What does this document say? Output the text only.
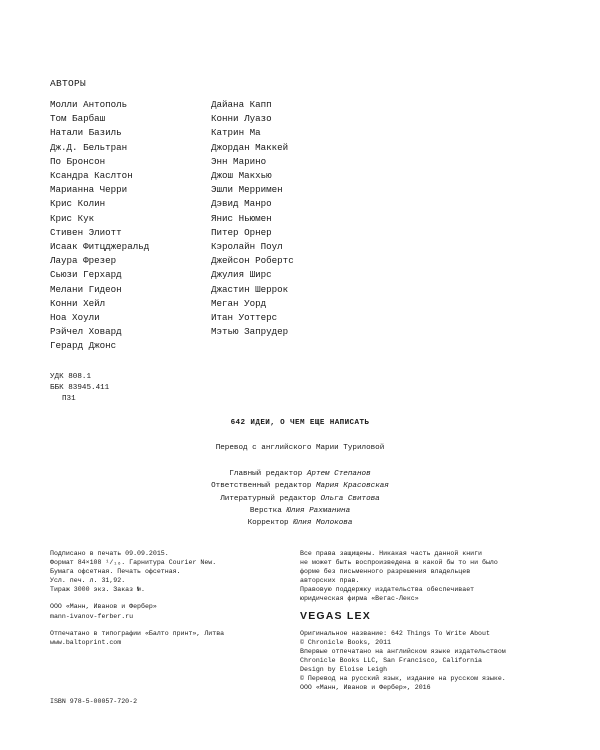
АВТОРЫ
Молли Антополь
Том Барбаш
Натали Базиль
Дж.Д. Бельтран
По Бронсон
Ксандра Каслтон
Марианна Черри
Крис Колин
Крис Кук
Стивен Элиотт
Исаак Фитцджеральд
Лаура Фрезер
Сьюзи Герхард
Мелани Гидеон
Конни Хейл
Ноа Хоули
Рэйчел Ховард
Герард Джонс
Дайана Капп
Конни Луазо
Катрин Ма
Джордан Маккей
Энн Марино
Джош Макхью
Эшли Мерримен
Дэвид Манро
Янис Ньюмен
Питер Орнер
Кэролайн Поул
Джейсон Робертс
Джулия Ширс
Джастин Шеррок
Меган Уорд
Итан Уоттерс
Мэтью Запрудер
УДК 808.1
ББК 83945.411
П31
642 ИДЕИ, О ЧЕМ ЕЩЕ НАПИСАТЬ
Перевод с английского Марии Туриловой
Главный редактор Артем Степанов
Ответственный редактор Мария Красовская
Литературный редактор Ольга Свитова
Верстка Юлия Рахманина
Корректор Юлия Молокова
Подписано в печать 09.09.2015.
Формат 84×108 ¹/₁₆. Гарнитура Courier New.
Бумага офсетная. Печать офсетная.
Усл. печ. л. 31,92.
Тираж 3000 экз. Заказ №.
ООО «Манн, Иванов и Фербер»
mann-ivanov-ferber.ru
Отпечатано в типографии «Балто принт», Литва
www.baltoprint.com
Все права защищены. Никакая часть данной книги
не может быть воспроизведена в какой бы то ни было
форме без письменного разрешения владельцев
авторских прав.
Правовую поддержку издательства обеспечивает
юридическая фирма «Вегас-Лекс»
VEGAS LEX
Оригинальное название: 642 Things To Write About
© Chronicle Books, 2011
Впервые отпечатано на английском языке издательством
Chronicle Books LLC, San Francisco, California
Design by Eloise Leigh
© Перевод на русский язык, издание на русском языке.
ООО «Манн, Иванов и Фербер», 2016
ISBN 978-5-00057-720-2
